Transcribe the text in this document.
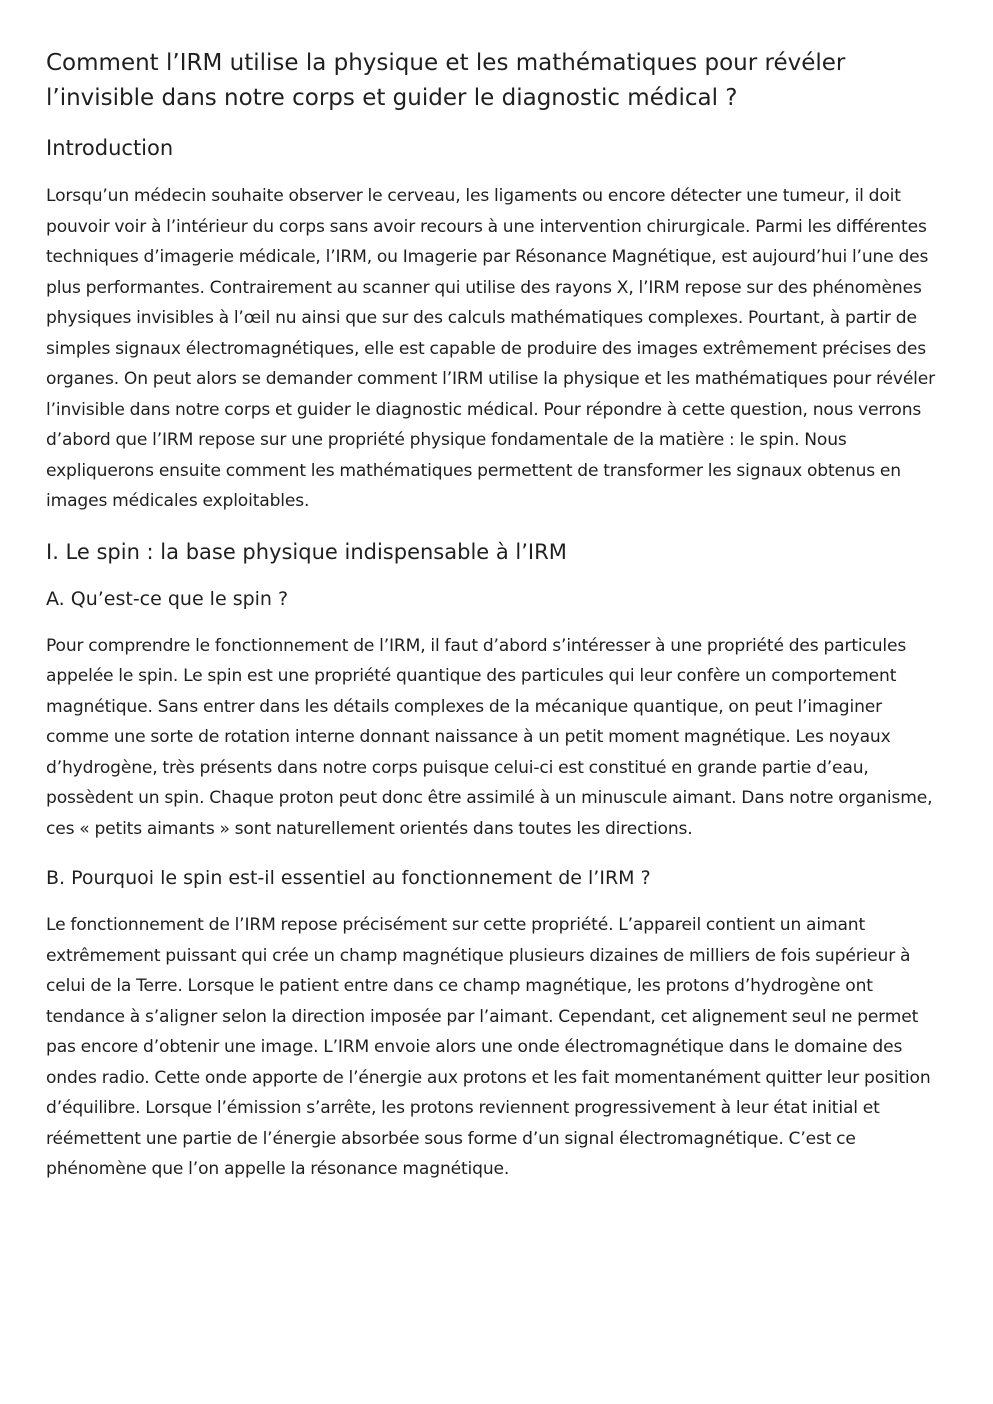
Comment l’IRM utilise la physique et les mathématiques pour révéler l’invisible dans notre corps et guider le diagnostic médical ?
Introduction

Lorsqu’un médecin souhaite observer le cerveau, les ligaments ou encore détecter une tumeur, il doit pouvoir voir à l’intérieur du corps sans avoir recours à une intervention chirurgicale. Parmi les différentes techniques d’imagerie médicale, l’IRM, ou Imagerie par Résonance Magnétique, est aujourd’hui l’une des plus performantes. Contrairement au scanner qui utilise des rayons X, l’IRM repose sur des phénomènes physiques invisibles à l’œil nu ainsi que sur des calculs mathématiques complexes. Pourtant, à partir de simples signaux électromagnétiques, elle est capable de produire des images extrêmement précises des organes. On peut alors se demander comment l’IRM utilise la physique et les mathématiques pour révéler l’invisible dans notre corps et guider le diagnostic médical. Pour répondre à cette question, nous verrons d’abord que l’IRM repose sur une propriété physique fondamentale de la matière : le spin. Nous expliquerons ensuite comment les mathématiques permettent de transformer les signaux obtenus en images médicales exploitables.

I. Le spin : la base physique indispensable à l’IRM
A. Qu’est-ce que le spin ?

Pour comprendre le fonctionnement de l’IRM, il faut d’abord s’intéresser à une propriété des particules appelée le spin. Le spin est une propriété quantique des particules qui leur confère un comportement magnétique. Sans entrer dans les détails complexes de la mécanique quantique, on peut l’imaginer comme une sorte de rotation interne donnant naissance à un petit moment magnétique. Les noyaux d’hydrogène, très présents dans notre corps puisque celui-ci est constitué en grande partie d’eau, possèdent un spin. Chaque proton peut donc être assimilé à un minuscule aimant. Dans notre organisme, ces « petits aimants » sont naturellement orientés dans toutes les directions.

B. Pourquoi le spin est-il essentiel au fonctionnement de l’IRM ?

Le fonctionnement de l’IRM repose précisément sur cette propriété. L’appareil contient un aimant extrêmement puissant qui crée un champ magnétique plusieurs dizaines de milliers de fois supérieur à celui de la Terre. Lorsque le patient entre dans ce champ magnétique, les protons d’hydrogène ont tendance à s’aligner selon la direction imposée par l’aimant. Cependant, cet alignement seul ne permet pas encore d’obtenir une image. L’IRM envoie alors une onde électromagnétique dans le domaine des ondes radio. Cette onde apporte de l’énergie aux protons et les fait momentanément quitter leur position d’équilibre. Lorsque l’émission s’arrête, les protons reviennent progressivement à leur état initial et réémettent une partie de l’énergie absorbée sous forme d’un signal électromagnétique. C’est ce phénomène que l’on appelle la résonance magnétique.
